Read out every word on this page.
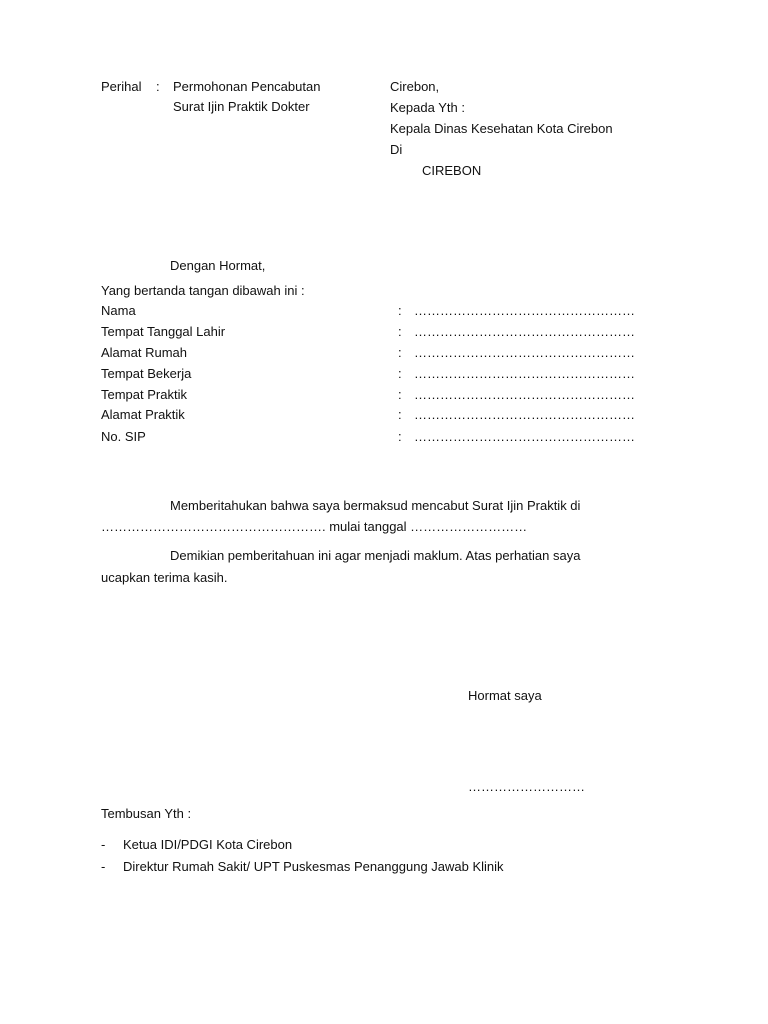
Perihal : Permohonan Pencabutan
Surat Ijin Praktik Dokter
Cirebon,
Kepada Yth :
Kepala Dinas Kesehatan Kota Cirebon
Di
CIREBON
Dengan Hormat,
Yang bertanda tangan dibawah ini :
Nama	: ……………………………………………
Tempat Tanggal Lahir	: ……………………………………………
Alamat Rumah	: ……………………………………………
Tempat Bekerja	: ……………………………………………
Tempat Praktik	: ……………………………………………
Alamat Praktik	: ……………………………………………
No. SIP	: ……………………………………………
Memberitahukan bahwa saya bermaksud mencabut Surat Ijin Praktik di
……………………………………………. mulai tanggal ………………………
Demikian pemberitahuan ini agar menjadi maklum. Atas perhatian saya
ucapkan terima kasih.
Hormat saya
………………………
Tembusan Yth :
- Ketua IDI/PDGI Kota Cirebon
- Direktur Rumah Sakit/ UPT Puskesmas Penanggung Jawab Klinik
